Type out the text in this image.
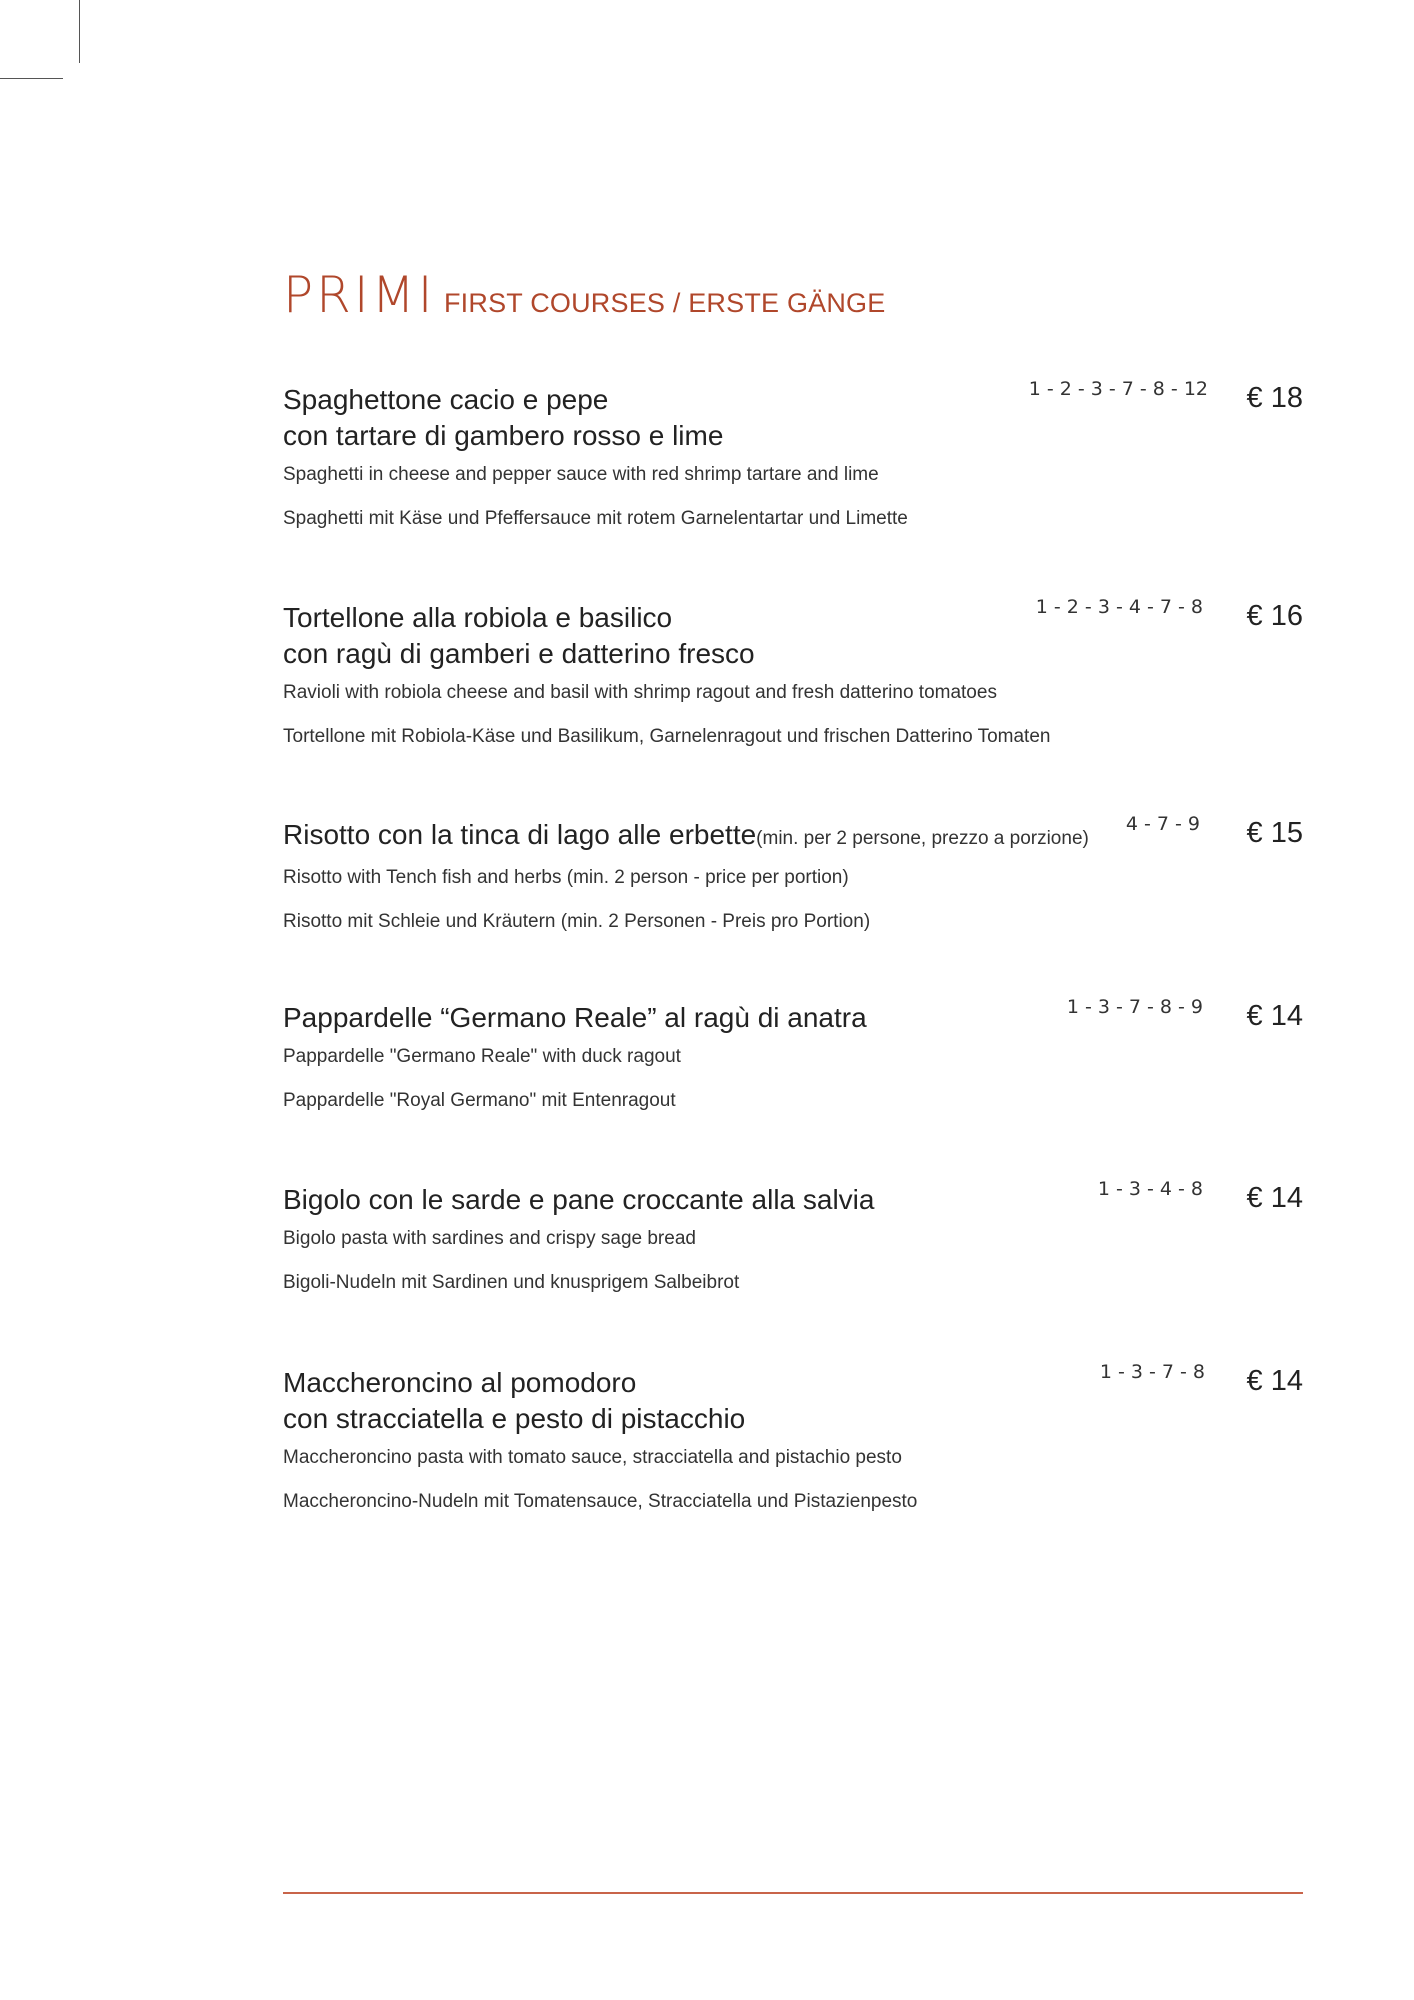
PRIMI FIRST COURSES / ERSTE GÄNGE
Spaghettone cacio e pepe
con tartare di gambero rosso e lime
Spaghetti in cheese and pepper sauce with red shrimp tartare and lime
Spaghetti mit Käse und Pfeffersauce mit rotem Garnelentartar und Limette
1 - 2 - 3 - 7 - 8 - 12 € 18
Tortellone alla robiola e basilico
con ragù di gamberi e datterino fresco
Ravioli with robiola cheese and basil with shrimp ragout and fresh datterino tomatoes
Tortellone mit Robiola-Käse und Basilikum, Garnelenragout und frischen Datterino Tomaten
1 - 2 - 3 - 4 - 7 - 8 € 16
Risotto con la tinca di lago alle erbette(min. per 2 persone, prezzo a porzione)
Risotto with Tench fish and herbs (min. 2 person - price per portion)
Risotto mit Schleie und Kräutern (min. 2 Personen - Preis pro Portion)
4 - 7 - 9 € 15
Pappardelle “Germano Reale” al ragù di anatra
Pappardelle "Germano Reale" with duck ragout
Pappardelle "Royal Germano" mit Entenragout
1 - 3 - 7 - 8 - 9 € 14
Bigolo con le sarde e pane croccante alla salvia
Bigolo pasta with sardines and crispy sage bread
Bigoli-Nudeln mit Sardinen und knusprigem Salbeibrot
1 - 3 - 4 - 8 € 14
Maccheroncino al pomodoro
con stracciatella e pesto di pistacchio
Maccheroncino pasta with tomato sauce, stracciatella and pistachio pesto
Maccheroncino-Nudeln mit Tomatensauce, Stracciatella und Pistazienpesto
1 - 3 - 7 - 8 € 14
